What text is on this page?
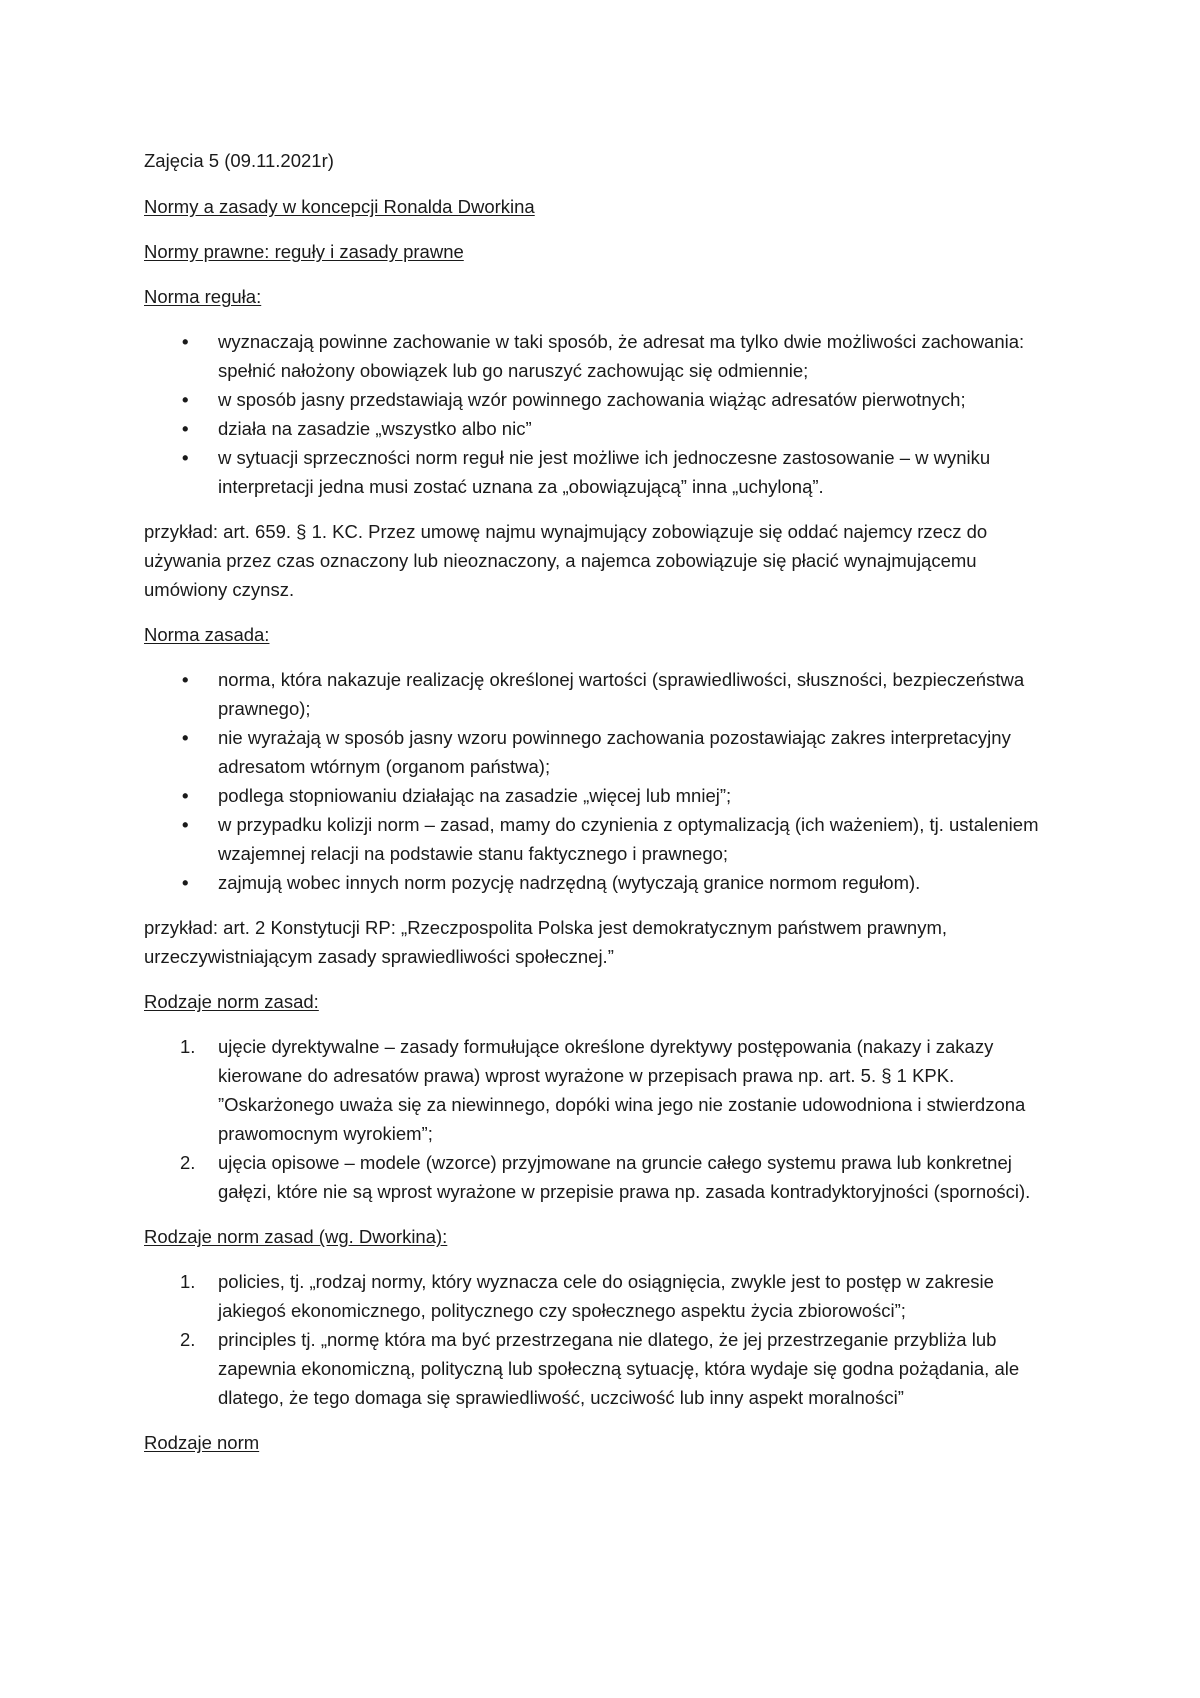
Zajęcia 5 (09.11.2021r)

Normy a zasady w koncepcji Ronalda Dworkina

Normy prawne: reguły i zasady prawne

Norma reguła:

• wyznaczają powinne zachowanie w taki sposób, że adresat ma tylko dwie możliwości zachowania: spełnić nałożony obowiązek lub go naruszyć zachowując się odmiennie;
• w sposób jasny przedstawiają wzór powinnego zachowania wiążąc adresatów pierwotnych;
• działa na zasadzie „wszystko albo nic”
• w sytuacji sprzeczności norm reguł nie jest możliwe ich jednoczesne zastosowanie – w wyniku interpretacji jedna musi zostać uznana za „obowiązującą” inna „uchyloną”.

przykład: art. 659. § 1. KC. Przez umowę najmu wynajmujący zobowiązuje się oddać najemcy rzecz do używania przez czas oznaczony lub nieoznaczony, a najemca zobowiązuje się płacić wynajmującemu umówiony czynsz.

Norma zasada:

• norma, która nakazuje realizację określonej wartości (sprawiedliwości, słuszności, bezpieczeństwa prawnego);
• nie wyrażają w sposób jasny wzoru powinnego zachowania pozostawiając zakres interpretacyjny adresatom wtórnym (organom państwa);
• podlega stopniowaniu działając na zasadzie „więcej lub mniej”;
• w przypadku kolizji norm – zasad, mamy do czynienia z optymalizacją (ich ważeniem), tj. ustaleniem wzajemnej relacji na podstawie stanu faktycznego i prawnego;
• zajmują wobec innych norm pozycję nadrzędną (wytyczają granice normom regułom).

przykład: art. 2 Konstytucji RP: „Rzeczpospolita Polska jest demokratycznym państwem prawnym, urzeczywistniającym zasady sprawiedliwości społecznej.”

Rodzaje norm zasad:

1. ujęcie dyrektywalne – zasady formułujące określone dyrektywy postępowania (nakazy i zakazy kierowane do adresatów prawa) wprost wyrażone w przepisach prawa np. art. 5. § 1 KPK. ”Oskarżonego uważa się za niewinnego, dopóki wina jego nie zostanie udowodniona i stwierdzona prawomocnym wyrokiem”;
2. ujęcia opisowe – modele (wzorce) przyjmowane na gruncie całego systemu prawa lub konkretnej gałęzi, które nie są wprost wyrażone w przepisie prawa np. zasada kontradyktoryjności (sporności).

Rodzaje norm zasad (wg. Dworkina):

1. policies, tj. „rodzaj normy, który wyznacza cele do osiągnięcia, zwykle jest to postęp w zakresie jakiegoś ekonomicznego, politycznego czy społecznego aspektu życia zbiorowości”;
2. principles tj. „normę która ma być przestrzegana nie dlatego, że jej przestrzeganie przybliża lub zapewnia ekonomiczną, polityczną lub społeczną sytuację, która wydaje się godna pożądania, ale dlatego, że tego domaga się sprawiedliwość, uczciwość lub inny aspekt moralności”

Rodzaje norm
